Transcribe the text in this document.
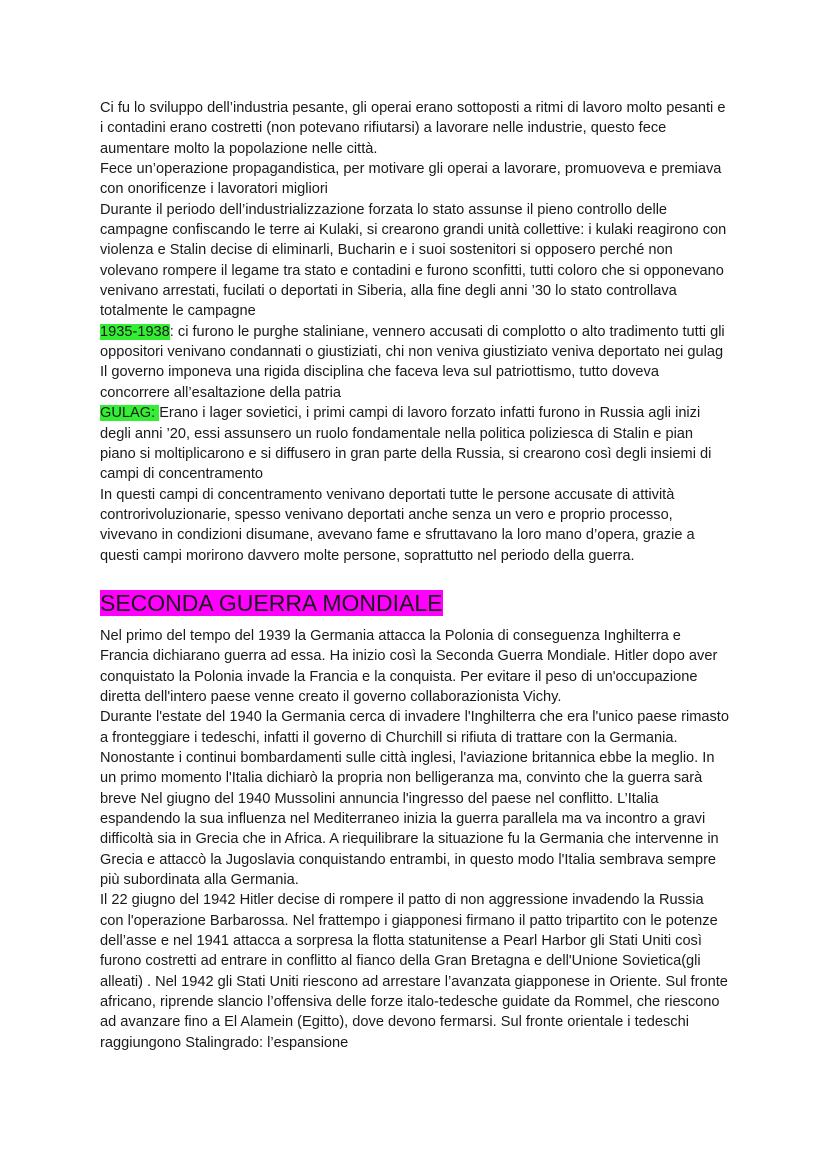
Ci fu lo sviluppo dell’industria pesante, gli operai erano sottoposti a ritmi di lavoro molto pesanti e i contadini erano costretti (non potevano rifiutarsi) a lavorare nelle industrie, questo fece aumentare molto la popolazione nelle città.

Fece un’operazione propagandistica, per motivare gli operai a lavorare, promuoveva e premiava con onorificenze i lavoratori migliori

Durante il periodo dell’industrializzazione forzata lo stato assunse il pieno controllo delle campagne confiscando le terre ai Kulaki, si crearono grandi unità collettive: i kulaki reagirono con violenza e Stalin decise di eliminarli, Bucharin e i suoi sostenitori si opposero perché non volevano rompere il legame tra stato e contadini e furono sconfitti, tutti coloro che si opponevano venivano arrestati, fucilati o deportati in Siberia, alla fine degli anni ’30 lo stato controllava totalmente le campagne

1935-1938: ci furono le purghe staliniane, vennero accusati di complotto o alto tradimento tutti gli oppositori venivano condannati o giustiziati, chi non veniva giustiziato veniva deportato nei gulag

Il governo imponeva una rigida disciplina che faceva leva sul patriottismo, tutto doveva concorrere all’esaltazione della patria

GULAG: Erano i lager sovietici, i primi campi di lavoro forzato infatti furono in Russia agli inizi degli anni ’20, essi assunsero un ruolo fondamentale nella politica poliziesca di Stalin e pian piano si moltiplicarono e si diffusero in gran parte della Russia, si crearono così degli insiemi di campi di concentramento

In questi campi di concentramento venivano deportati tutte le persone accusate di attività controrivoluzionarie, spesso venivano deportati anche senza un vero e proprio processo, vivevano in condizioni disumane, avevano fame e sfruttavano la loro mano d’opera, grazie a questi campi morirono davvero molte persone, soprattutto nel periodo della guerra.

SECONDA GUERRA MONDIALE

Nel primo del tempo del 1939 la Germania attacca la Polonia di conseguenza Inghilterra e Francia dichiarano guerra ad essa. Ha inizio così la Seconda Guerra Mondiale. Hitler dopo aver conquistato la Polonia invade la Francia e la conquista. Per evitare il peso di un'occupazione diretta dell'intero paese venne creato il governo collaborazionista Vichy.

Durante l'estate del 1940 la Germania cerca di invadere l'Inghilterra che era l'unico paese rimasto a fronteggiare i tedeschi, infatti il governo di Churchill si rifiuta di trattare con la Germania. Nonostante i continui bombardamenti sulle città inglesi, l'aviazione britannica ebbe la meglio. In un primo momento l'Italia dichiarò la propria non belligeranza ma, convinto che la guerra sarà breve Nel giugno del 1940 Mussolini annuncia l'ingresso del paese nel conflitto. L’Italia espandendo la sua influenza nel Mediterraneo inizia la guerra parallela ma va incontro a gravi difficoltà sia in Grecia che in Africa. A riequilibrare la situazione fu la Germania che intervenne in Grecia e attaccò la Jugoslavia conquistando entrambi, in questo modo l'Italia sembrava sempre più subordinata alla Germania.

Il 22 giugno del 1942 Hitler decise di rompere il patto di non aggressione invadendo la Russia con l'operazione Barbarossa. Nel frattempo i giapponesi firmano il patto tripartito con le potenze dell’asse e nel 1941 attacca a sorpresa la flotta statunitense a Pearl Harbor gli Stati Uniti così furono costretti ad entrare in conflitto al fianco della Gran Bretagna e dell'Unione Sovietica(gli alleati) . Nel 1942 gli Stati Uniti riescono ad arrestare l’avanzata giapponese in Oriente. Sul fronte africano, riprende slancio l’offensiva delle forze italo-tedesche guidate da Rommel, che riescono ad avanzare fino a El Alamein (Egitto), dove devono fermarsi. Sul fronte orientale i tedeschi raggiungono Stalingrado: l’espansione
